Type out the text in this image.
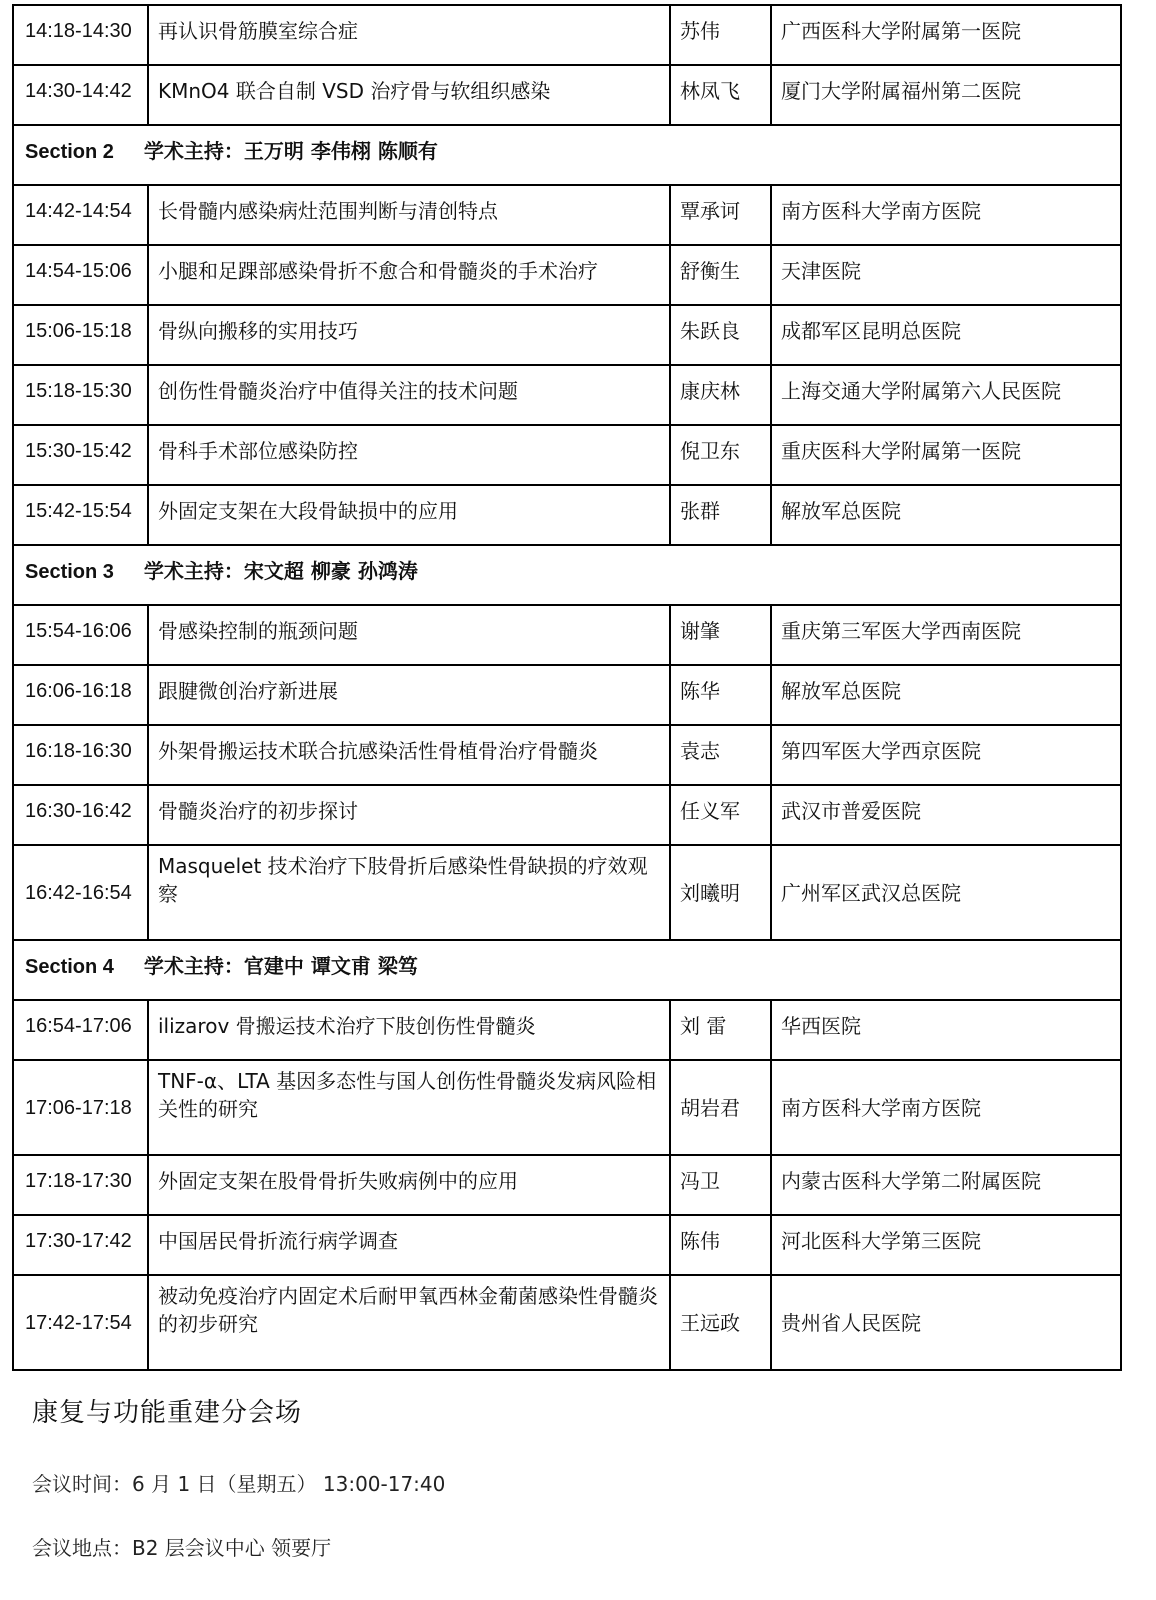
14:18-14:30	再认识骨筋膜室综合症	苏伟	广西医科大学附属第一医院
14:30-14:42	KMnO4 联合自制 VSD 治疗骨与软组织感染	林凤飞	厦门大学附属福州第二医院
Section 2 学术主持：王万明 李伟栩 陈顺有			
14:42-14:54	长骨髓内感染病灶范围判断与清创特点	覃承诃	南方医科大学南方医院
14:54-15:06	小腿和足踝部感染骨折不愈合和骨髓炎的手术治疗	舒衡生	天津医院
15:06-15:18	骨纵向搬移的实用技巧	朱跃良	成都军区昆明总医院
15:18-15:30	创伤性骨髓炎治疗中值得关注的技术问题	康庆林	上海交通大学附属第六人民医院
15:30-15:42	骨科手术部位感染防控	倪卫东	重庆医科大学附属第一医院
15:42-15:54	外固定支架在大段骨缺损中的应用	张群	解放军总医院
Section 3 学术主持：宋文超 柳豪 孙鸿涛			
15:54-16:06	骨感染控制的瓶颈问题	谢肇	重庆第三军医大学西南医院
16:06-16:18	跟腱微创治疗新进展	陈华	解放军总医院
16:18-16:30	外架骨搬运技术联合抗感染活性骨植骨治疗骨髓炎	袁志	第四军医大学西京医院
16:30-16:42	骨髓炎治疗的初步探讨	任义军	武汉市普爱医院
16:42-16:54	Masquelet 技术治疗下肢骨折后感染性骨缺损的疗效观察	刘曦明	广州军区武汉总医院
Section 4 学术主持：官建中 谭文甫 梁笃			
16:54-17:06	ilizarov 骨搬运技术治疗下肢创伤性骨髓炎	刘 雷	华西医院
17:06-17:18	TNF-α、LTA 基因多态性与国人创伤性骨髓炎发病风险相关性的研究	胡岩君	南方医科大学南方医院
17:18-17:30	外固定支架在股骨骨折失败病例中的应用	冯卫	内蒙古医科大学第二附属医院
17:30-17:42	中国居民骨折流行病学调查	陈伟	河北医科大学第三医院
17:42-17:54	被动免疫治疗内固定术后耐甲氧西林金葡菌感染性骨髓炎的初步研究	王远政	贵州省人民医院
康复与功能重建分会场
会议时间：6 月 1 日（星期五） 13:00-17:40
会议地点：B2 层会议中心 领要厅
